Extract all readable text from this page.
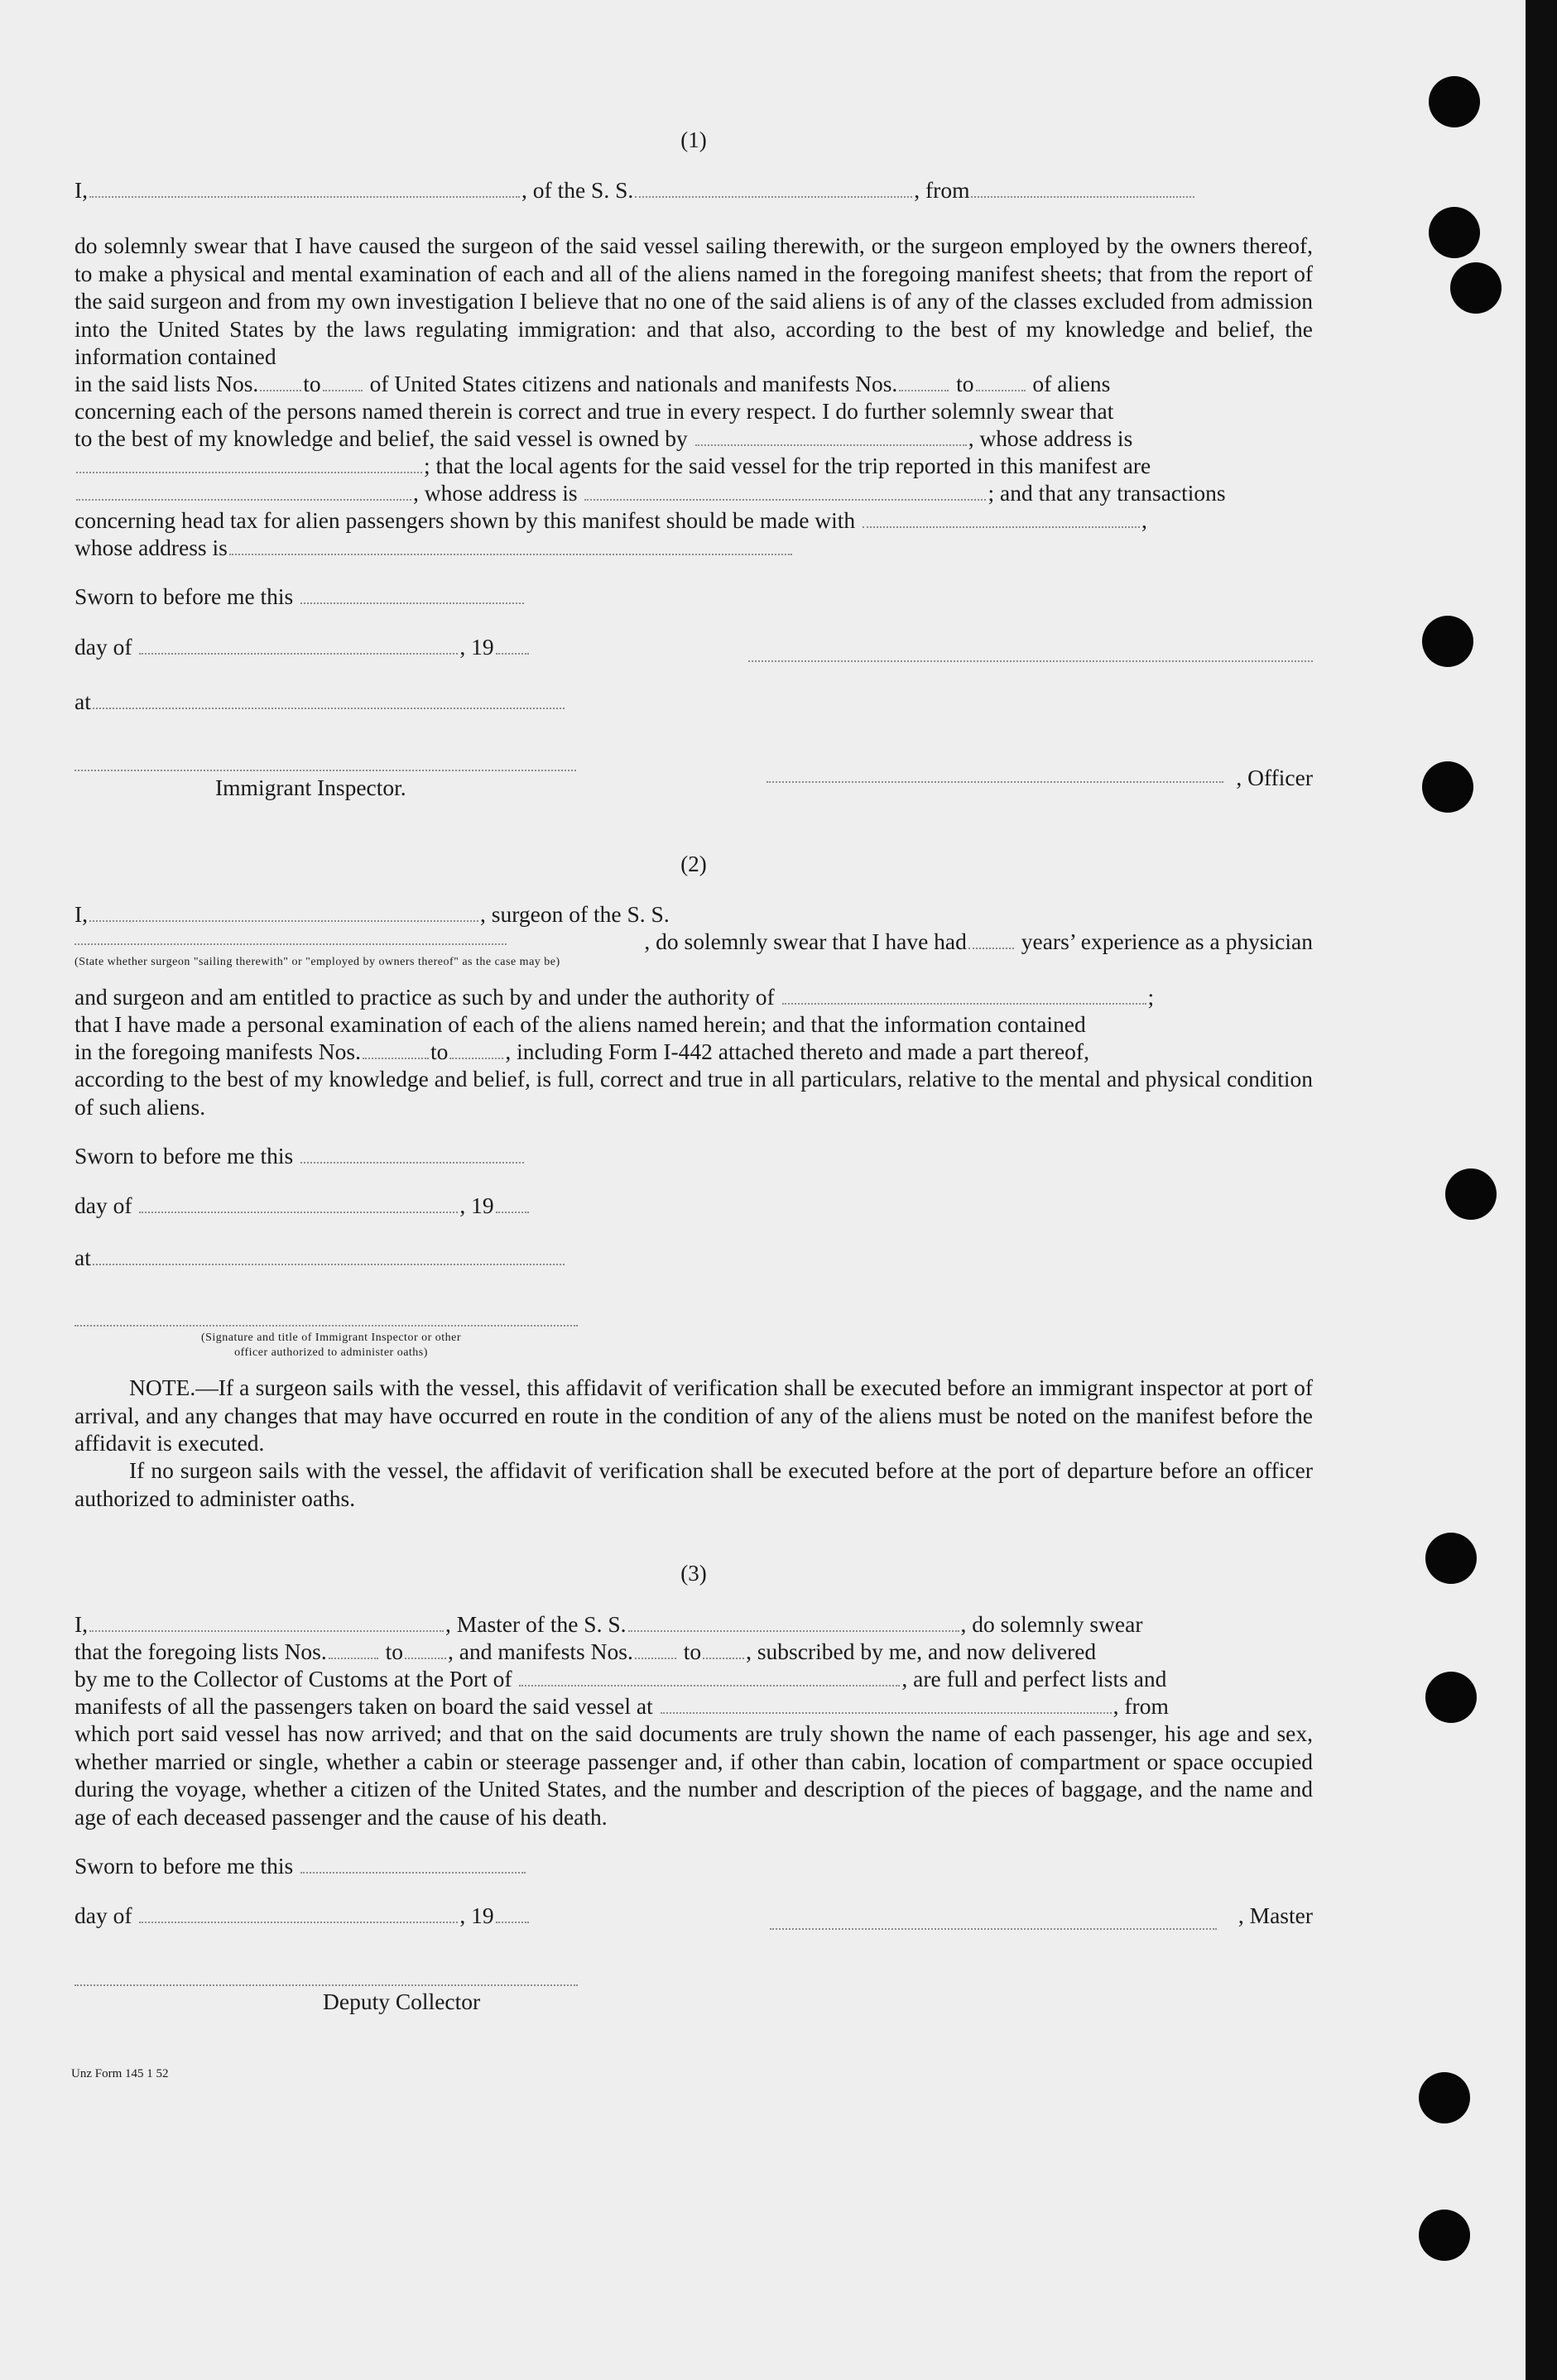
(1)
I,	, of the S. S.	, from
do solemnly swear that I have caused the surgeon of the said vessel sailing therewith, or the surgeon employed by the owners thereof, to make a physical and mental examination of each and all of the aliens named in the foregoing manifest sheets; that from the report of the said surgeon and from my own investigation I believe that no one of the said aliens is of any of the classes excluded from admission into the United States by the laws regulating immigration: and that also, according to the best of my knowledge and belief, the information contained
in the said lists Nos. to of United States citizens and nationals and manifests Nos.	to	of aliens
concerning each of the persons named therein is correct and true in every respect. I do further solemnly swear that
to the best of my knowledge and belief, the said vessel is owned by	, whose address is
; that the local agents for the said vessel for the trip reported in this manifest are
, whose address is	; and that any transactions
concerning head tax for alien passengers shown by this manifest should be made with	,
whose address is
Sworn to before me this
day of	, 19
at
Immigrant Inspector.	, Officer
(2)
I,	, surgeon of the S. S.
, do solemnly swear that I have had years’ experience as a physician
(State whether surgeon "sailing therewith" or "employed by owners thereof" as the case may be)
and surgeon and am entitled to practice as such by and under the authority of	;
that I have made a personal examination of each of the aliens named herein; and that the information contained
in the foregoing manifests Nos.	to	, including Form I-442 attached thereto and made a part thereof,
according to the best of my knowledge and belief, is full, correct and true in all particulars, relative to the mental and physical condition of such aliens.
Sworn to before me this
day of	, 19
at
(Signature and title of Immigrant Inspector or other
officer authorized to administer oaths)
NOTE.—If a surgeon sails with the vessel, this affidavit of verification shall be executed before an immigrant inspector at port of arrival, and any changes that may have occurred en route in the condition of any of the aliens must be noted on the manifest before the affidavit is executed.
If no surgeon sails with the vessel, the affidavit of verification shall be executed before at the port of departure before an officer authorized to administer oaths.
(3)
I,	, Master of the S. S.	, do solemnly swear
that the foregoing lists Nos.	to , and manifests Nos. to , subscribed by me, and now delivered
by me to the Collector of Customs at the Port of	, are full and perfect lists and
manifests of all the passengers taken on board the said vessel at	, from
which port said vessel has now arrived; and that on the said documents are truly shown the name of each passenger, his age and sex, whether married or single, whether a cabin or steerage passenger and, if other than cabin, location of compartment or space occupied during the voyage, whether a citizen of the United States, and the number and description of the pieces of baggage, and the name and age of each deceased passenger and the cause of his death.
Sworn to before me this
day of	, 19	, Master
Deputy Collector
Unz Form 145 1 52
